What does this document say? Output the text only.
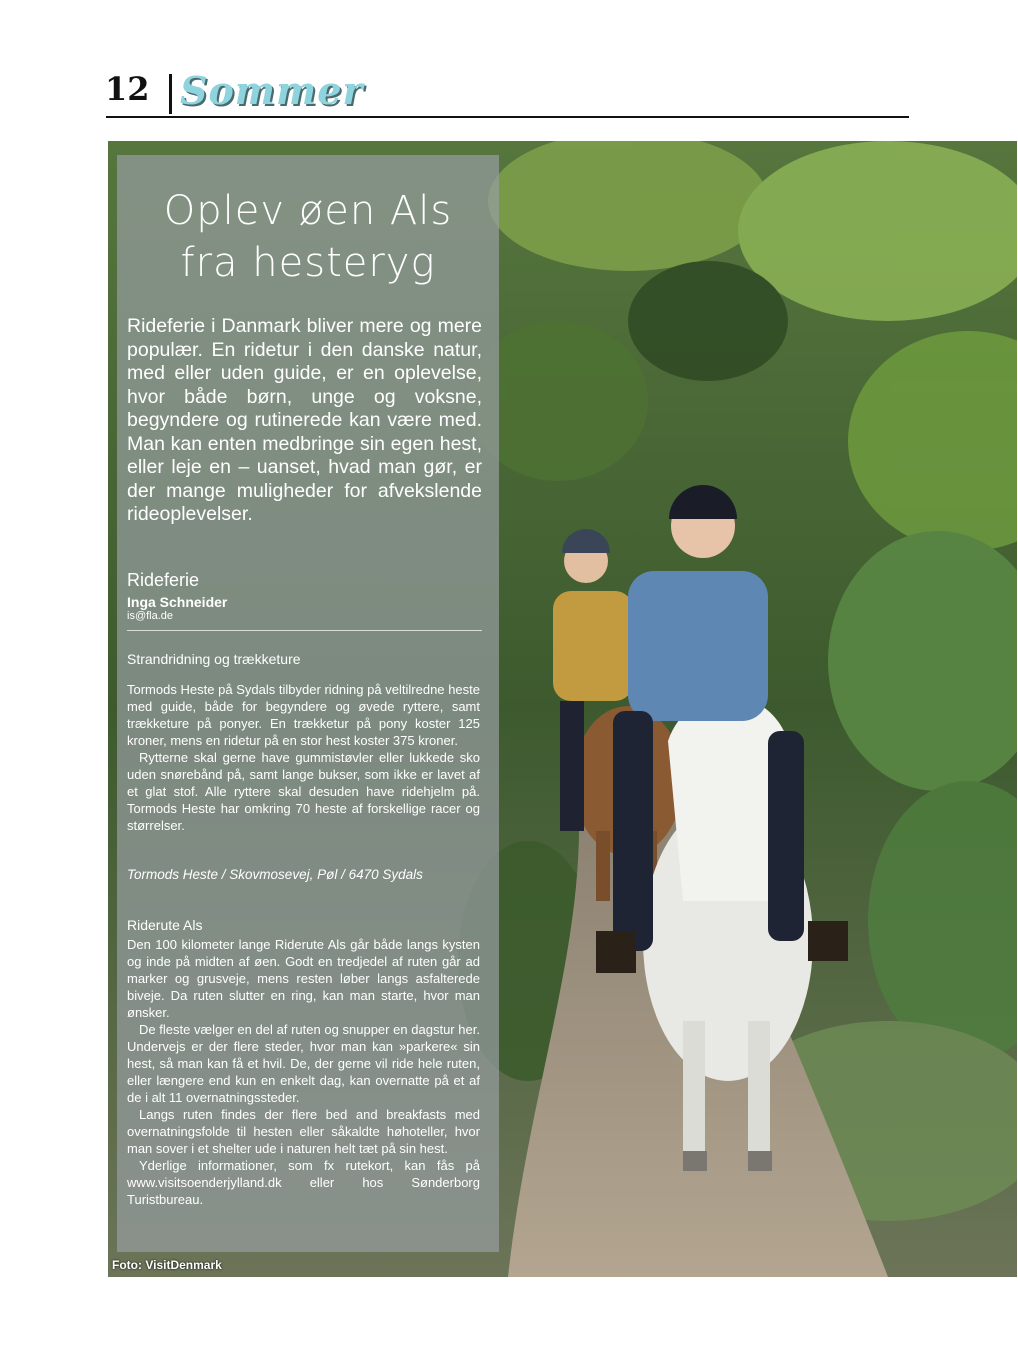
12 Sommer
Foto: VisitDenmark
Oplev øen Als
fra hesteryg
Rideferie i Danmark bliver mere og mere populær. En ridetur i den danske natur, med eller uden guide, er en oplevelse, hvor både børn, unge og voksne, begyndere og rutinerede kan være med. Man kan enten medbringe sin egen hest, eller leje en – uanset, hvad man gør, er der mange muligheder for afvekslende rideoplevelser.
Rideferie
Inga Schneider
is@fla.de
Strandridning og trækketure

Tormods Heste på Sydals tilbyder ridning på veltilredne heste med guide, både for begyndere og øvede ryttere, samt trækketure på ponyer. En trækketur på pony koster 125 kroner, mens en ridetur på en stor hest koster 375 kroner.

Rytterne skal gerne have gummistøvler eller lukkede sko uden snørebånd på, samt lange bukser, som ikke er lavet af et glat stof. Alle ryttere skal desuden have ridehjelm på. Tormods Heste har omkring 70 heste af forskellige racer og størrelser.

Tormods Heste / Skovmosevej, Pøl / 6470 Sydals
Riderute Als

Den 100 kilometer lange Riderute Als går både langs kysten og inde på midten af øen. Godt en tredjedel af ruten går ad marker og grusveje, mens resten løber langs asfalterede biveje. Da ruten slutter en ring, kan man starte, hvor man ønsker.

De fleste vælger en del af ruten og snupper en dagstur her. Undervejs er der flere steder, hvor man kan »parkere« sin hest, så man kan få et hvil. De, der gerne vil ride hele ruten, eller længere end kun en enkelt dag, kan overnatte på et af de i alt 11 overnatningssteder.

Langs ruten findes der flere bed and breakfasts med overnatningsfolde til hesten eller såkaldte høhoteller, hvor man sover i et shelter ude i naturen helt tæt på sin hest.

Yderlige informationer, som fx rutekort, kan fås på www.visitsoenderjylland.dk eller hos Sønderborg Turistbureau.
